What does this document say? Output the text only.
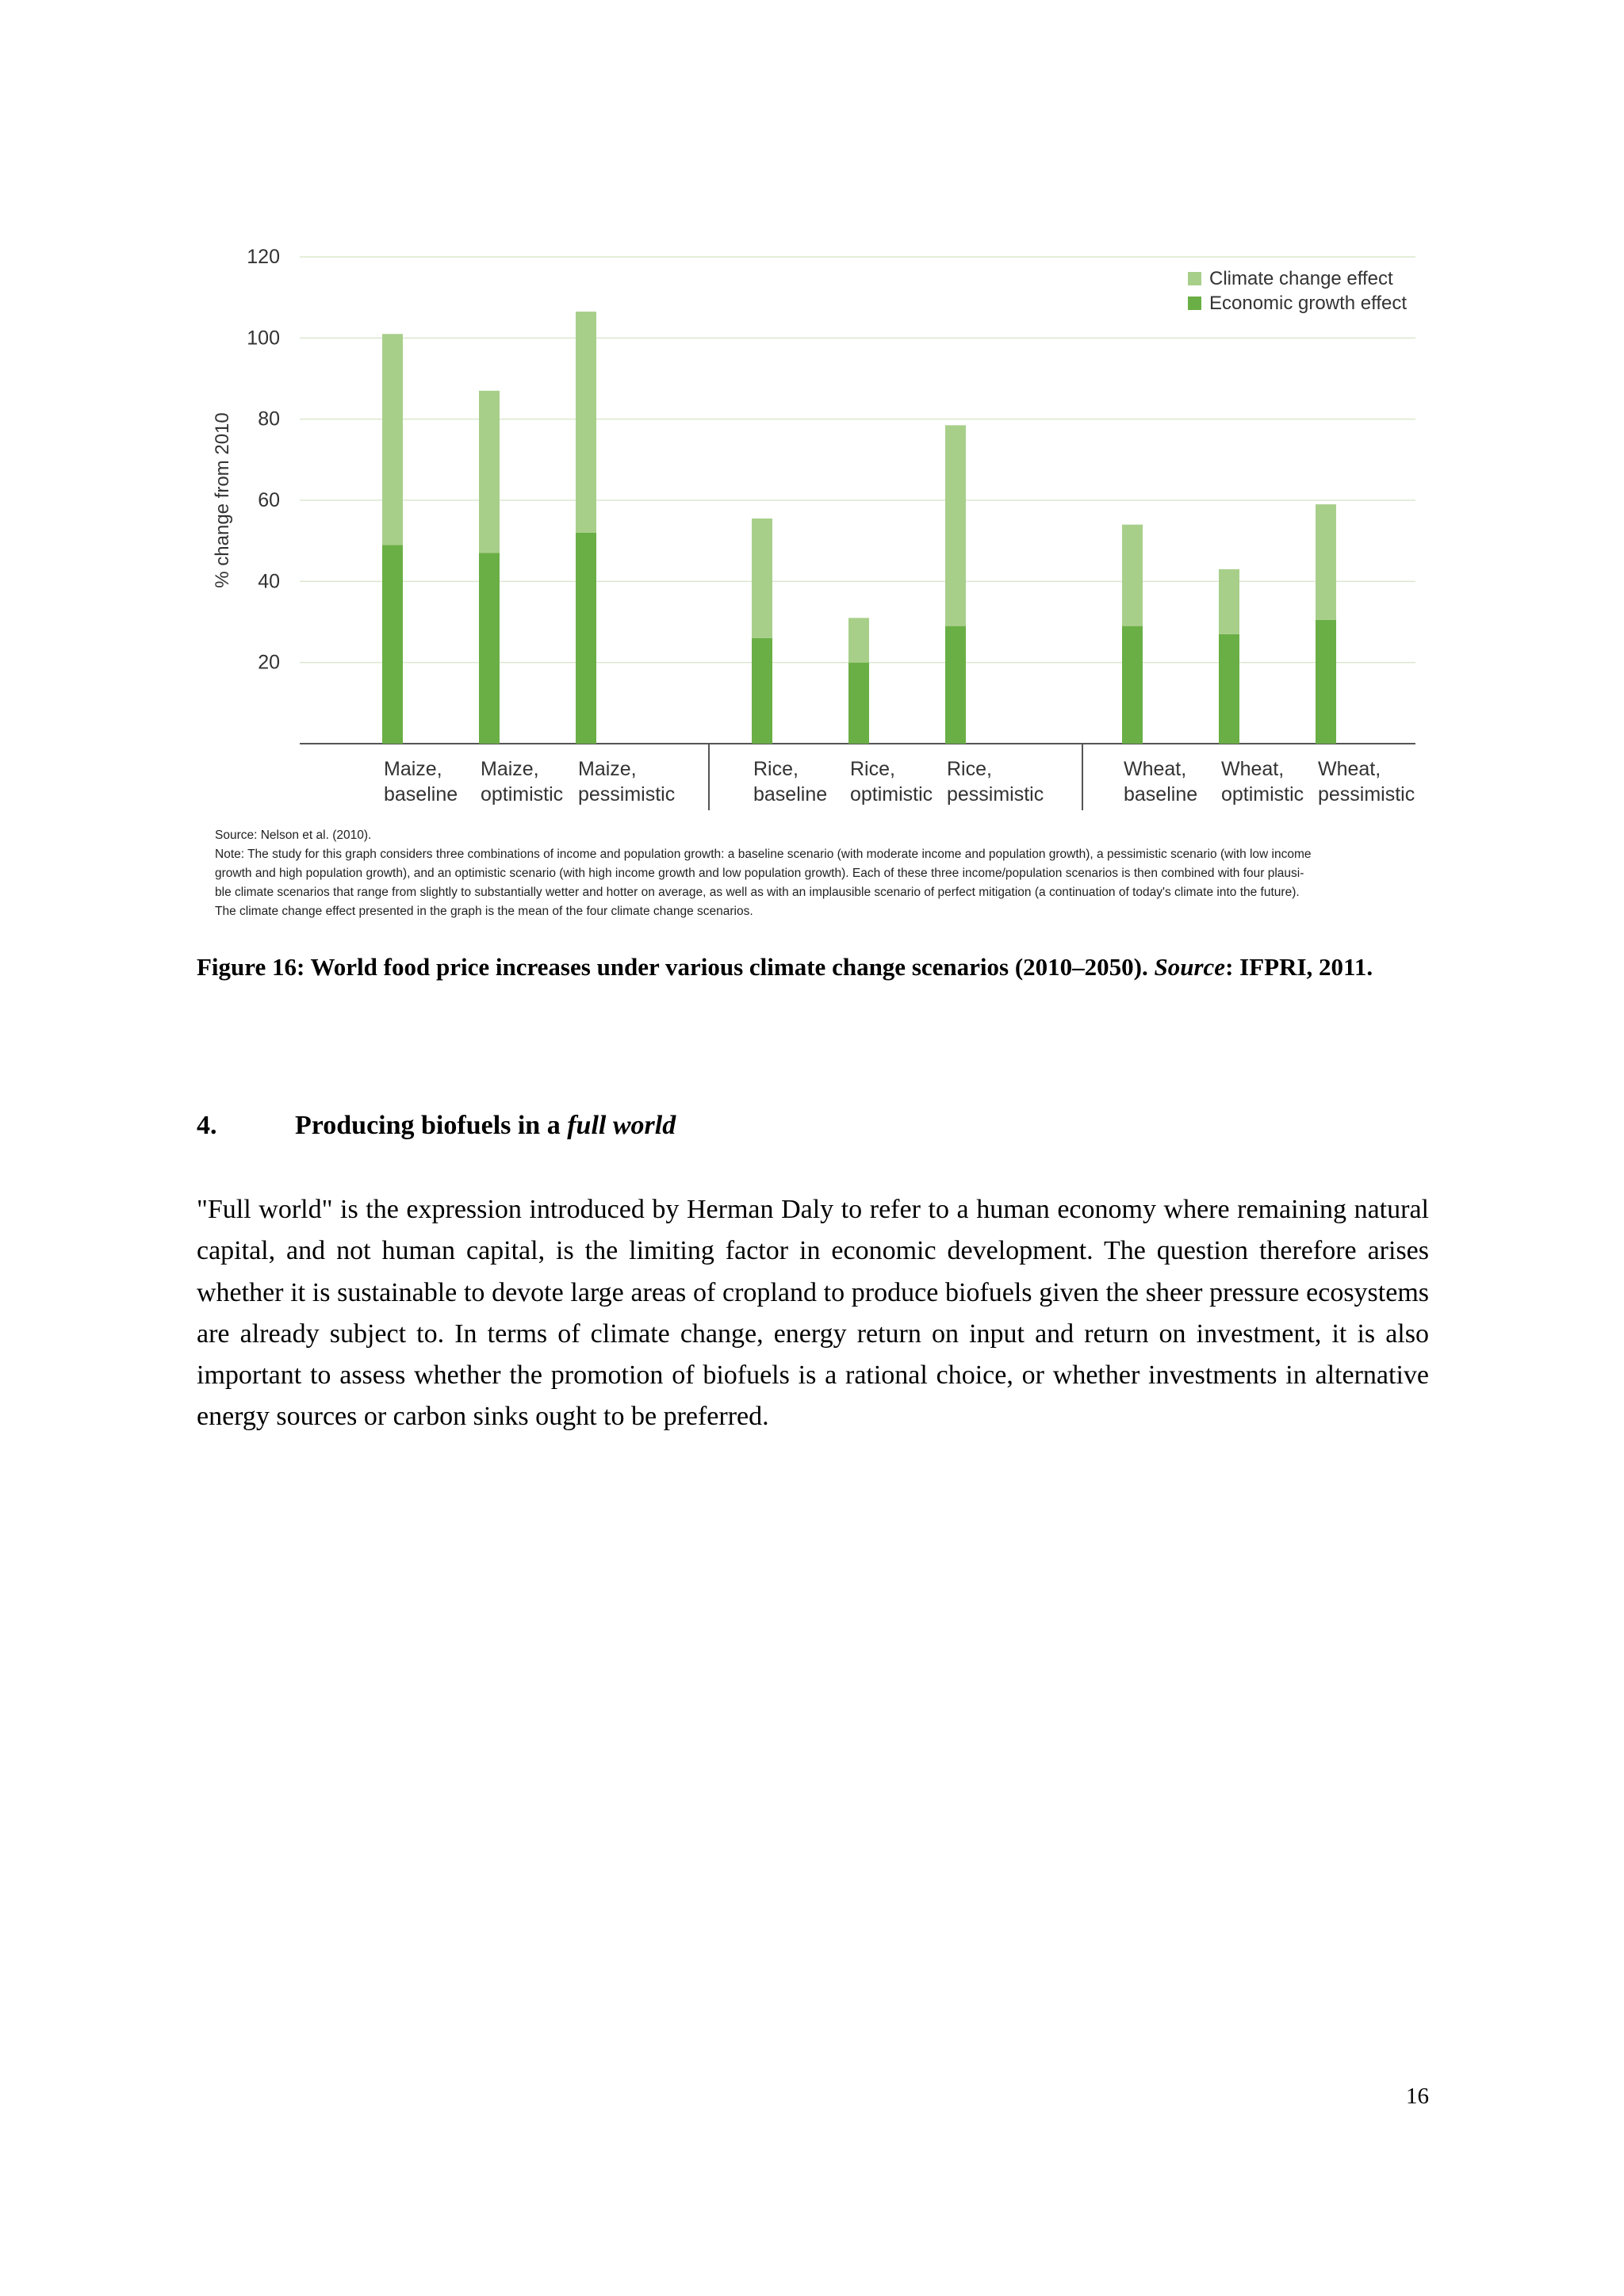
20
40
60
80
100
120
% change from 2010
Maize,
baseline
Maize,
optimistic
Maize,
pessimistic
Rice,
baseline
Rice,
optimistic
Rice,
pessimistic
Wheat,
baseline
Wheat,
optimistic
Wheat,
pessimistic
Climate change effect
Economic growth effect
Source: Nelson et al. (2010).
Note: The study for this graph considers three combinations of income and population growth: a baseline scenario (with moderate income and population growth), a pessimistic scenario (with low income
growth and high population growth), and an optimistic scenario (with high income growth and low population growth). Each of these three income/population scenarios is then combined with four plausi-
ble climate scenarios that range from slightly to substantially wetter and hotter on average, as well as with an implausible scenario of perfect mitigation (a continuation of today's climate into the future).
The climate change effect presented in the graph is the mean of the four climate change scenarios.
Figure 16: World food price increases under various climate change scenarios (2010–2050). Source: IFPRI, 2011.
4.	Producing biofuels in a full world
"Full world" is the expression introduced by Herman Daly to refer to a human economy where remaining natural capital, and not human capital, is the limiting factor in economic development. The question therefore arises whether it is sustainable to devote large areas of cropland to produce biofuels given the sheer pressure ecosystems are already subject to. In terms of climate change, energy return on input and return on investment, it is also important to assess whether the promotion of biofuels is a rational choice, or whether investments in alternative energy sources or carbon sinks ought to be preferred.
16
